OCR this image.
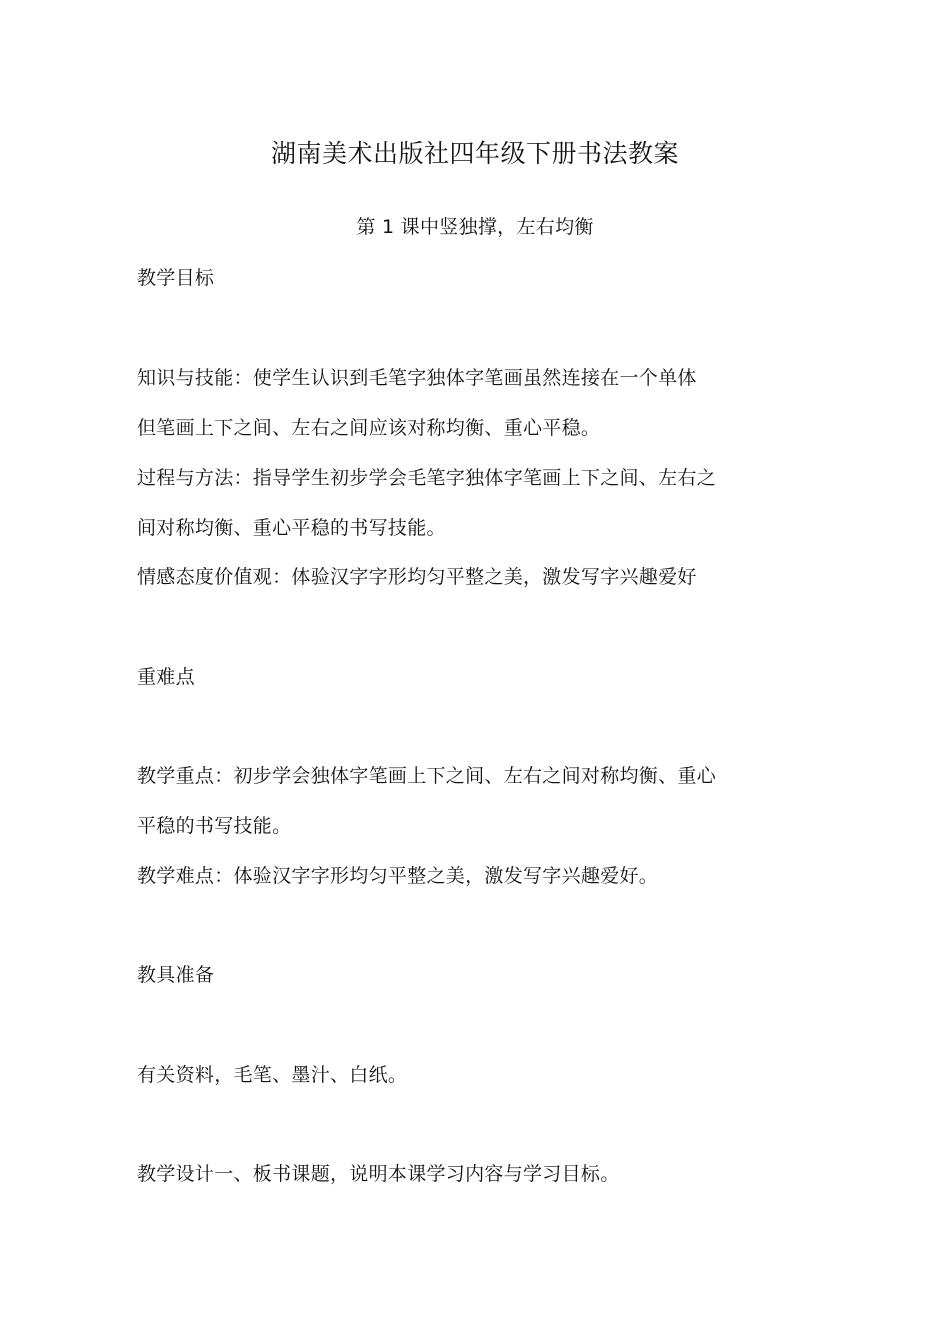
湖南美术出版社四年级下册书法教案
第 1 课中竖独撑，左右均衡
教学目标
知识与技能：使学生认识到毛笔字独体字笔画虽然连接在一个单体
但笔画上下之间、左右之间应该对称均衡、重心平稳。
过程与方法：指导学生初步学会毛笔字独体字笔画上下之间、左右之
间对称均衡、重心平稳的书写技能。
情感态度价值观：体验汉字字形均匀平整之美，激发写字兴趣爱好
重难点
教学重点：初步学会独体字笔画上下之间、左右之间对称均衡、重心
平稳的书写技能。
教学难点：体验汉字字形均匀平整之美，激发写字兴趣爱好。
教具准备
有关资料，毛笔、墨汁、白纸。
教学设计一、板书课题，说明本课学习内容与学习目标。
